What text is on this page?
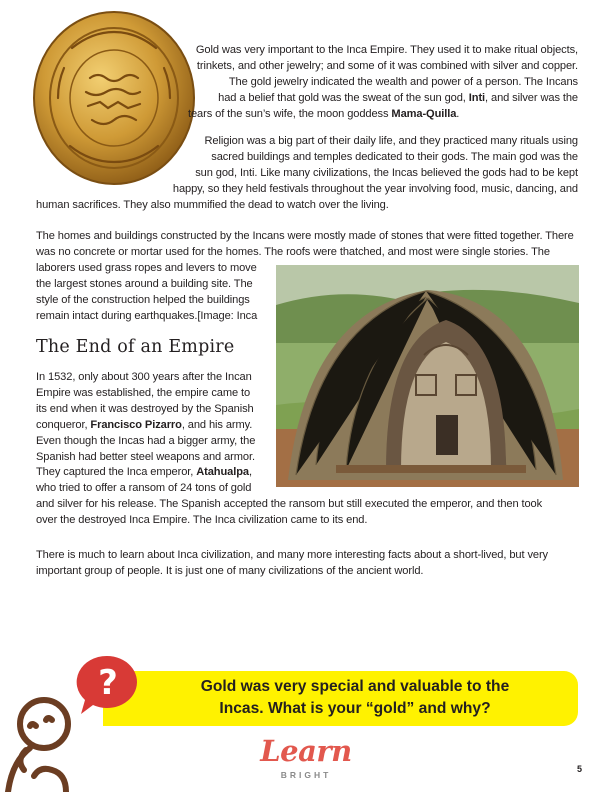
Gold was very important to the Inca Empire. They used it to make ritual objects,
trinkets, and other jewelry; and some of it was combined with silver and copper.
The gold jewelry indicated the wealth and power of a person. The Incans
had a belief that gold was the sweat of the sun god, Inti, and silver was the
tears of the sun’s wife, the moon goddess Mama-Quilla.
Religion was a big part of their daily life, and they practiced many rituals using
sacred buildings and temples dedicated to their gods. The main god was the
sun god, Inti. Like many civilizations, the Incas believed the gods had to be kept
happy, so they held festivals throughout the year involving food, music, dancing, and
human sacrifices. They also mummified the dead to watch over the living.
The homes and buildings constructed by the Incans were mostly made of stones that were fitted together. There
was no concrete or mortar used for the homes. The roofs were thatched, and most were single stories. The
laborers used grass ropes and levers to move
the largest stones around a building site. The
style of the construction helped the buildings
remain intact during earthquakes.[Image: Inca
The End of an Empire
In 1532, only about 300 years after the Incan
Empire was established, the empire came to
its end when it was destroyed by the Spanish
conqueror, Francisco Pizarro, and his army.
Even though the Incas had a bigger army, the
Spanish had better steel weapons and armor.
They captured the Inca emperor, Atahualpa,
who tried to offer a ransom of 24 tons of gold
and silver for his release. The Spanish accepted the ransom but still executed the emperor, and then took
over the destroyed Inca Empire. The Inca civilization came to its end.
There is much to learn about Inca civilization, and many more interesting facts about a short-lived, but very
important group of people. It is just one of many civilizations of the ancient world.
?	Gold was very special and valuable to the
Incas. What is your “gold” and why?
Learn
BRIGHT
5
